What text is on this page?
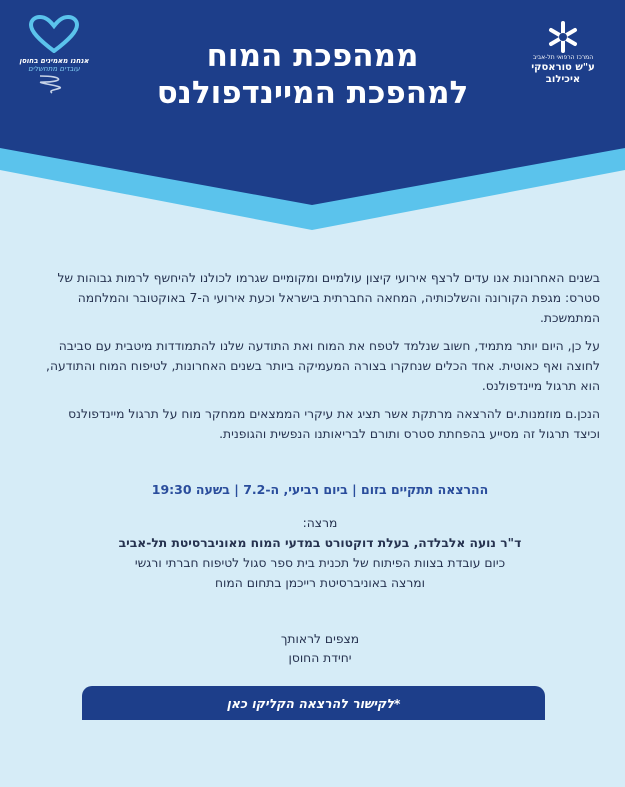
ממהפכת המוח
למהפכת המיינדפולנס
המרכז הרפואי תל-אביב
ע"ש סוראסקי
איכילוב
אנחנו מאמינים בחוסן
עובדים מתחשלים

בשנים האחרונות אנו עדים לרצף אירועי קיצון עולמיים ומקומיים שגרמו לכולנו להיחשף לרמות גבוהות של סטרס: מגפת הקורונה והשלכותיה, המחאה החברתית בישראל וכעת אירועי ה-7 באוקטובר והמלחמה המתמשכת.

על כן, היום יותר מתמיד, חשוב שנלמד לטפח את המוח ואת התודעה שלנו להתמודדות מיטבית עם סביבה לחוצה ואף כאוטית. אחד הכלים שנחקרו בצורה המעמיקה ביותר בשנים האחרונות, לטיפוח המוח והתודעה, הוא תרגול מיינדפולנס.

הנכן.ם מוזמנות.ים להרצאה מרתקת אשר תציג את עיקרי הממצאים ממחקר מוח על תרגול מיינדפולנס וכיצד תרגול זה מסייע בהפחתת סטרס ותורם לבריאותנו הנפשית והגופנית.

ההרצאה תתקיים בזום | ביום רביעי, ה-7.2 | בשעה 19:30
מרצה:
ד"ר נועה אלבלדה, בעלת דוקטורט במדעי המוח מאוניברסיטת תל-אביב
כיום עובדת בצוות הפיתוח של תכנית בית ספר סגול לטיפוח חברתי ורגשי
ומרצה באוניברסיטת רייכמן בתחום המוח
מצפים לראותך
יחידת החוסן
*לקישור להרצאה הקליקו כאן
